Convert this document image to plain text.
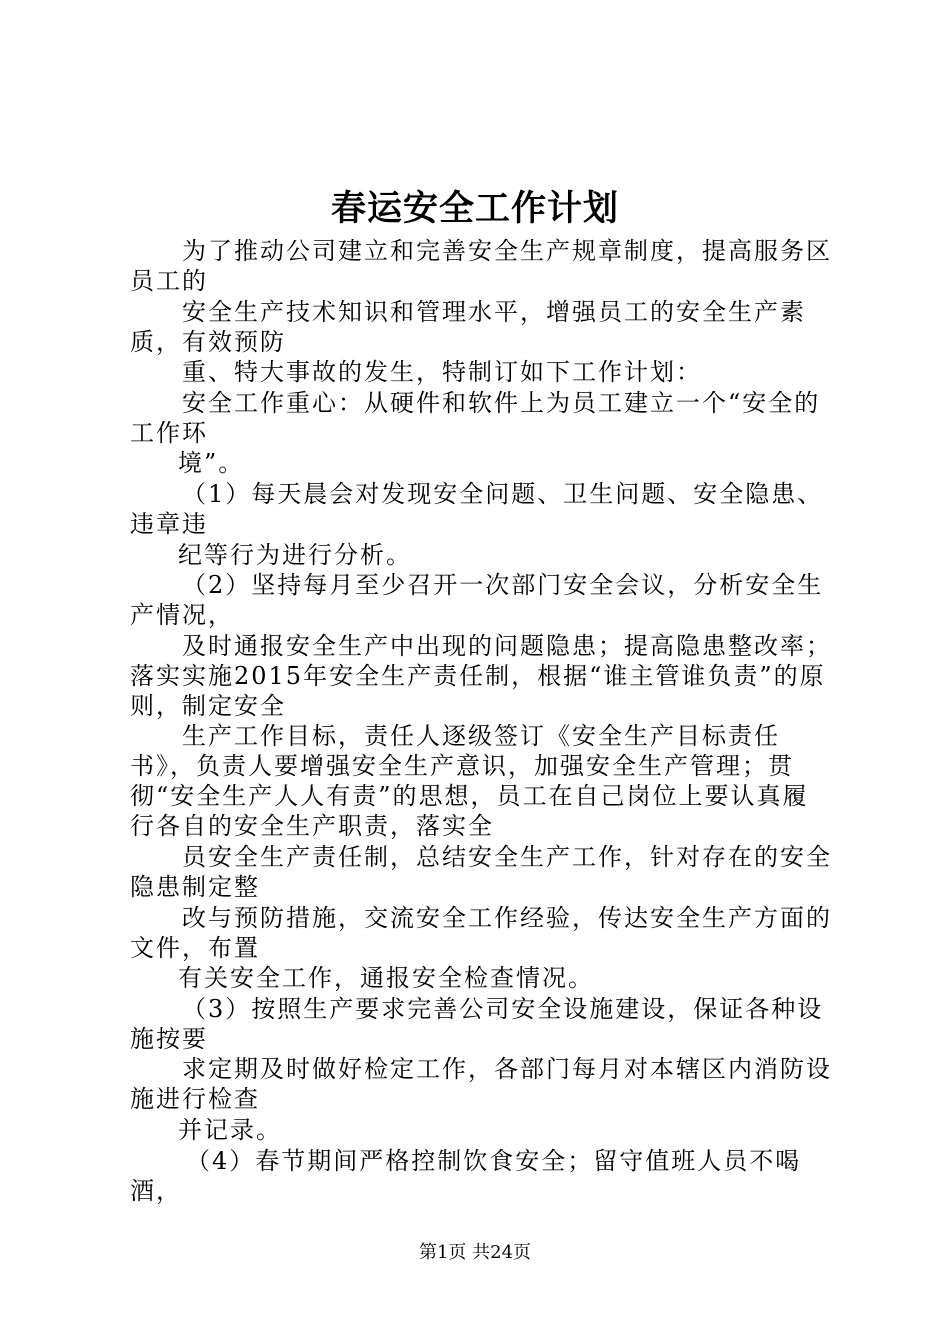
春运安全工作计划

为了推动公司建立和完善安全生产规章制度，提高服务区员工的

安全生产技术知识和管理水平，增强员工的安全生产素质，有效预防

重、特大事故的发生，特制订如下工作计划：

安全工作重心：从硬件和软件上为员工建立一个“安全的工作环

境”。

（1）每天晨会对发现安全问题、卫生问题、安全隐患、违章违

纪等行为进行分析。

（2）坚持每月至少召开一次部门安全会议，分析安全生产情况，

及时通报安全生产中出现的问题隐患；提高隐患整改率；落实实施2015年安全生产责任制，根据“谁主管谁负责”的原则，制定安全

生产工作目标，责任人逐级签订《安全生产目标责任书》，负责人要增强安全生产意识，加强安全生产管理；贯彻“安全生产人人有责”的思想，员工在自己岗位上要认真履行各自的安全生产职责，落实全

员安全生产责任制，总结安全生产工作，针对存在的安全隐患制定整

改与预防措施，交流安全工作经验，传达安全生产方面的文件，布置

有关安全工作，通报安全检查情况。

（3）按照生产要求完善公司安全设施建设，保证各种设施按要

求定期及时做好检定工作，各部门每月对本辖区内消防设施进行检查

并记录。

（4）春节期间严格控制饮食安全；留守值班人员不喝酒，

第1页 共24页
